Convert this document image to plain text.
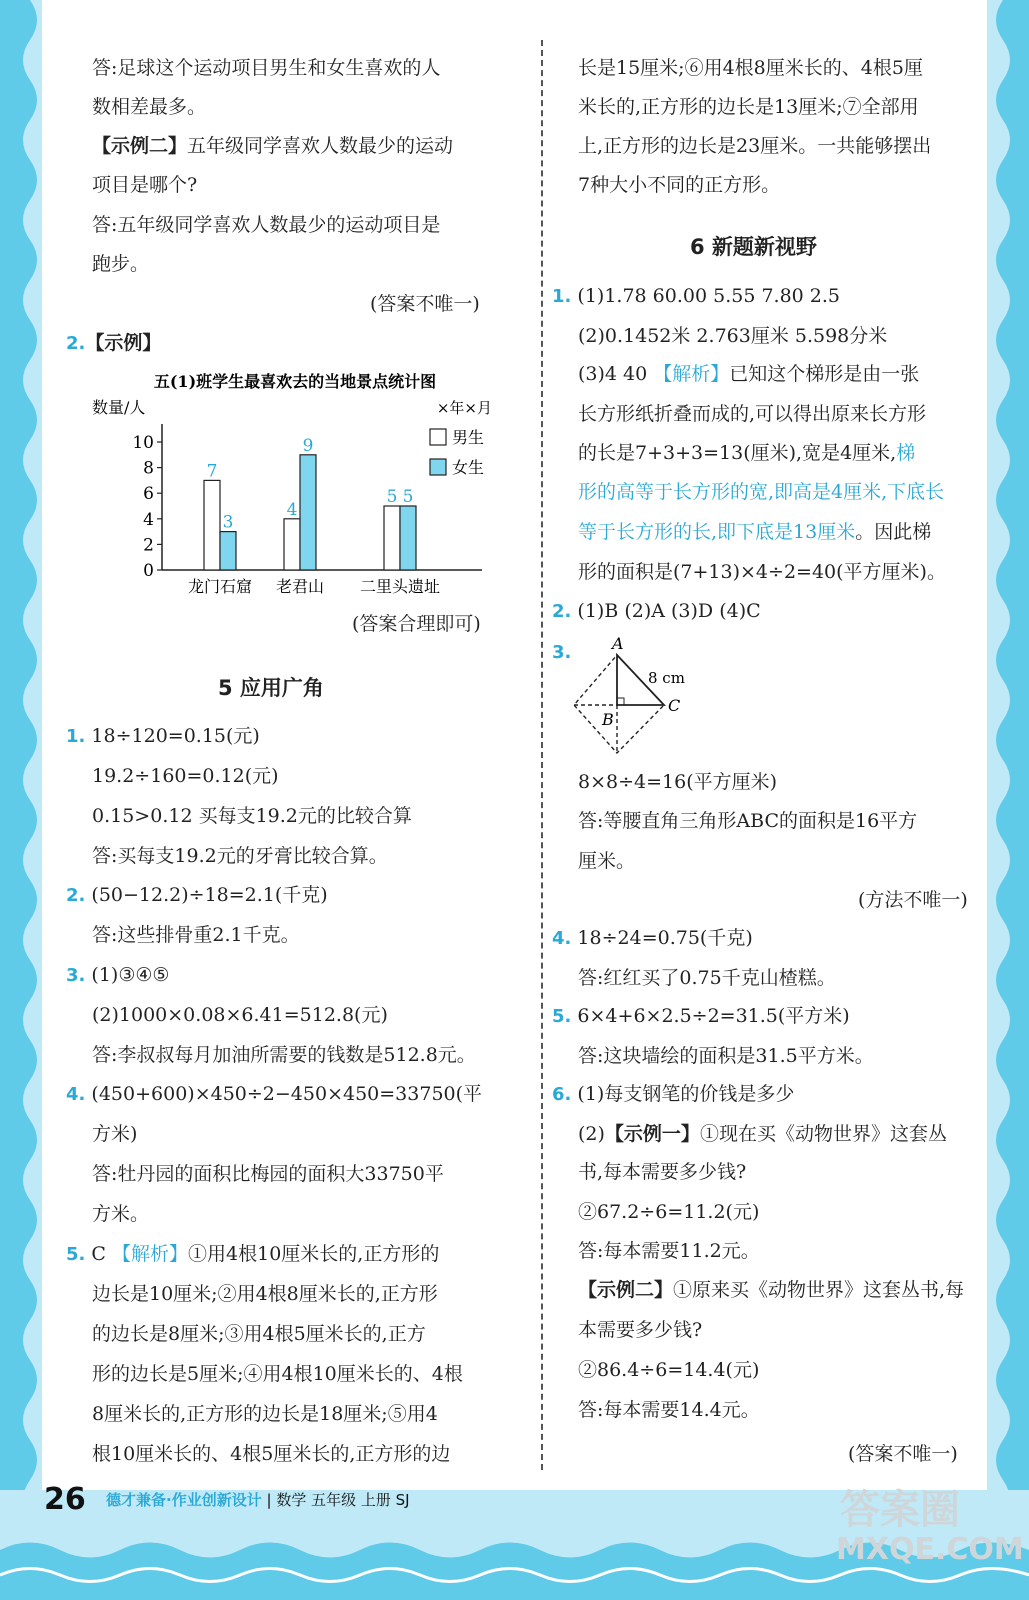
答:足球这个运动项目男生和女生喜欢的人
数相差最多。
【示例二】五年级同学喜欢人数最少的运动
项目是哪个?
答:五年级同学喜欢人数最少的运动项目是
跑步。
(答案不唯一)
2.【示例】
五(1)班学生最喜欢去的当地景点统计图
数量/人	×年×月
0
2
4
6
8
10
7
3
龙门石窟
4
9
老君山
5 5
二里头遗址
男生
女生
(答案合理即可)
5 应用广角
1. 18÷120=0.15(元)
19.2÷160=0.12(元)
0.15>0.12 买每支19.2元的比较合算
答:买每支19.2元的牙膏比较合算。
2. (50−12.2)÷18=2.1(千克)
答:这些排骨重2.1千克。
3. (1)③④⑤
(2)1000×0.08×6.41=512.8(元)
答:李叔叔每月加油所需要的钱数是512.8元。
4. (450+600)×450÷2−450×450=33750(平
方米)
答:牡丹园的面积比梅园的面积大33750平
方米。
5. C 【解析】①用4根10厘米长的,正方形的
边长是10厘米;②用4根8厘米长的,正方形
的边长是8厘米;③用4根5厘米长的,正方
形的边长是5厘米;④用4根10厘米长的、4根
8厘米长的,正方形的边长是18厘米;⑤用4
根10厘米长的、4根5厘米长的,正方形的边
长是15厘米;⑥用4根8厘米长的、4根5厘
米长的,正方形的边长是13厘米;⑦全部用
上,正方形的边长是23厘米。一共能够摆出
7种大小不同的正方形。
6 新题新视野
1. (1)1.78 60.00 5.55 7.80 2.5
(2)0.1452米 2.763厘米 5.598分米
(3)4 40 【解析】已知这个梯形是由一张
长方形纸折叠而成的,可以得出原来长方形
的长是7+3+3=13(厘米),宽是4厘米,梯
形的高等于长方形的宽,即高是4厘米,下底长
等于长方形的长,即下底是13厘米。因此梯
形的面积是(7+13)×4÷2=40(平方厘米)。
2. (1)B (2)A (3)D (4)C
3.	A
B
C
8 cm
8×8÷4=16(平方厘米)
答:等腰直角三角形ABC的面积是16平方
厘米。
(方法不唯一)
4. 18÷24=0.75(千克)
答:红红买了0.75千克山楂糕。
5. 6×4+6×2.5÷2=31.5(平方米)
答:这块墙绘的面积是31.5平方米。
6. (1)每支钢笔的价钱是多少
(2)【示例一】①现在买《动物世界》这套丛
书,每本需要多少钱?
②67.2÷6=11.2(元)
答:每本需要11.2元。
【示例二】①原来买《动物世界》这套丛书,每
本需要多少钱?
②86.4÷6=14.4(元)
答:每本需要14.4元。
(答案不唯一)
26 德才兼备·作业创新设计 | 数学 五年级 上册 SJ	答案圈
MXQE.COM
